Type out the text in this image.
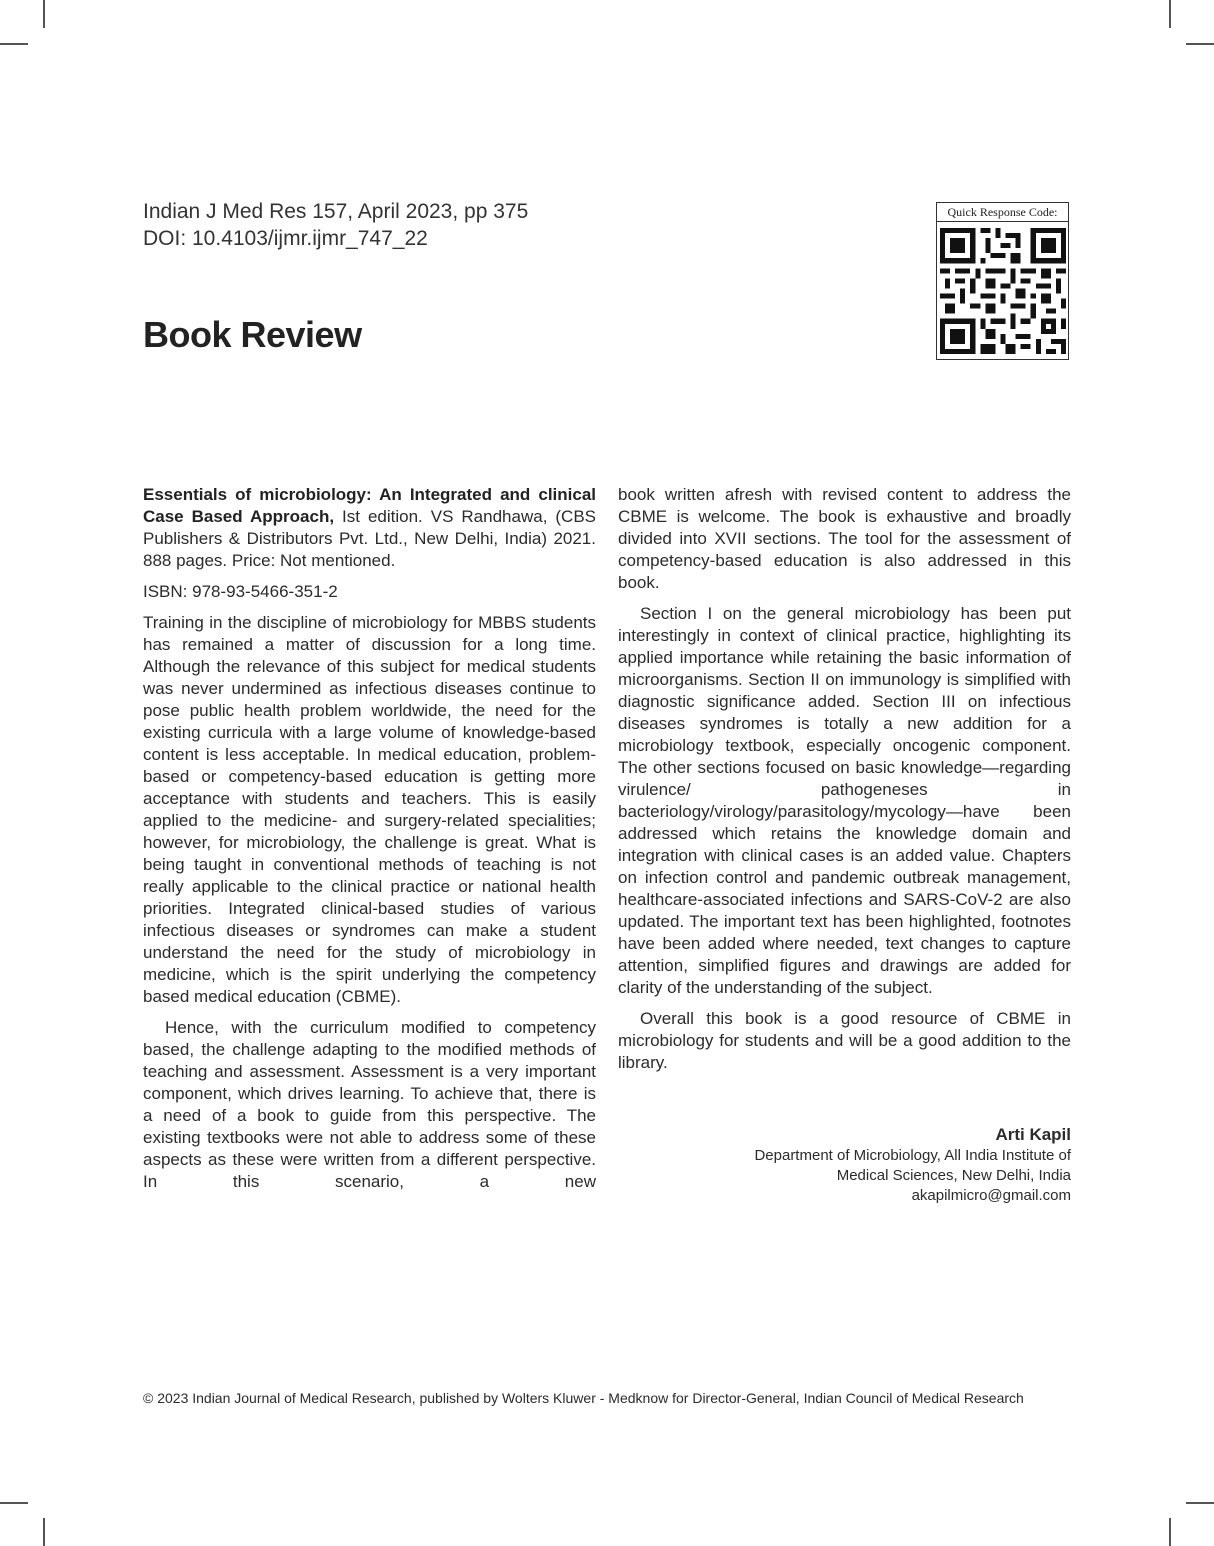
Indian J Med Res 157, April 2023, pp 375
DOI: 10.4103/ijmr.ijmr_747_22
Book Review
Quick Response Code:

Essentials of microbiology: An Integrated and clinical Case Based Approach, Ist edition. VS Randhawa, (CBS Publishers & Distributors Pvt. Ltd., New Delhi, India) 2021. 888 pages. Price: Not mentioned.

ISBN: 978-93-5466-351-2

Training in the discipline of microbiology for MBBS students has remained a matter of discussion for a long time. Although the relevance of this subject for medical students was never undermined as infectious diseases continue to pose public health problem worldwide, the need for the existing curricula with a large volume of knowledge-based content is less acceptable. In medical education, problem-based or competency-based education is getting more acceptance with students and teachers. This is easily applied to the medicine- and surgery-related specialities; however, for microbiology, the challenge is great. What is being taught in conventional methods of teaching is not really applicable to the clinical practice or national health priorities. Integrated clinical-based studies of various infectious diseases or syndromes can make a student understand the need for the study of microbiology in medicine, which is the spirit underlying the competency based medical education (CBME).

Hence, with the curriculum modified to competency based, the challenge adapting to the modified methods of teaching and assessment. Assessment is a very important component, which drives learning. To achieve that, there is a need of a book to guide from this perspective. The existing textbooks were not able to address some of these aspects as these were written from a different perspective. In this scenario, a new

book written afresh with revised content to address the CBME is welcome. The book is exhaustive and broadly divided into XVII sections. The tool for the assessment of competency-based education is also addressed in this book.

Section I on the general microbiology has been put interestingly in context of clinical practice, highlighting its applied importance while retaining the basic information of microorganisms. Section II on immunology is simplified with diagnostic significance added. Section III on infectious diseases syndromes is totally a new addition for a microbiology textbook, especially oncogenic component. The other sections focused on basic knowledge—regarding virulence/ pathogeneses in bacteriology/virology/parasitology/mycology—have been addressed which retains the knowledge domain and integration with clinical cases is an added value. Chapters on infection control and pandemic outbreak management, healthcare-associated infections and SARS-CoV-2 are also updated. The important text has been highlighted, footnotes have been added where needed, text changes to capture attention, simplified figures and drawings are added for clarity of the understanding of the subject.

Overall this book is a good resource of CBME in microbiology for students and will be a good addition to the library.

Arti Kapil
Department of Microbiology, All India Institute of
Medical Sciences, New Delhi, India
akapilmicro@gmail.com
© 2023 Indian Journal of Medical Research, published by Wolters Kluwer - Medknow for Director-General, Indian Council of Medical Research
